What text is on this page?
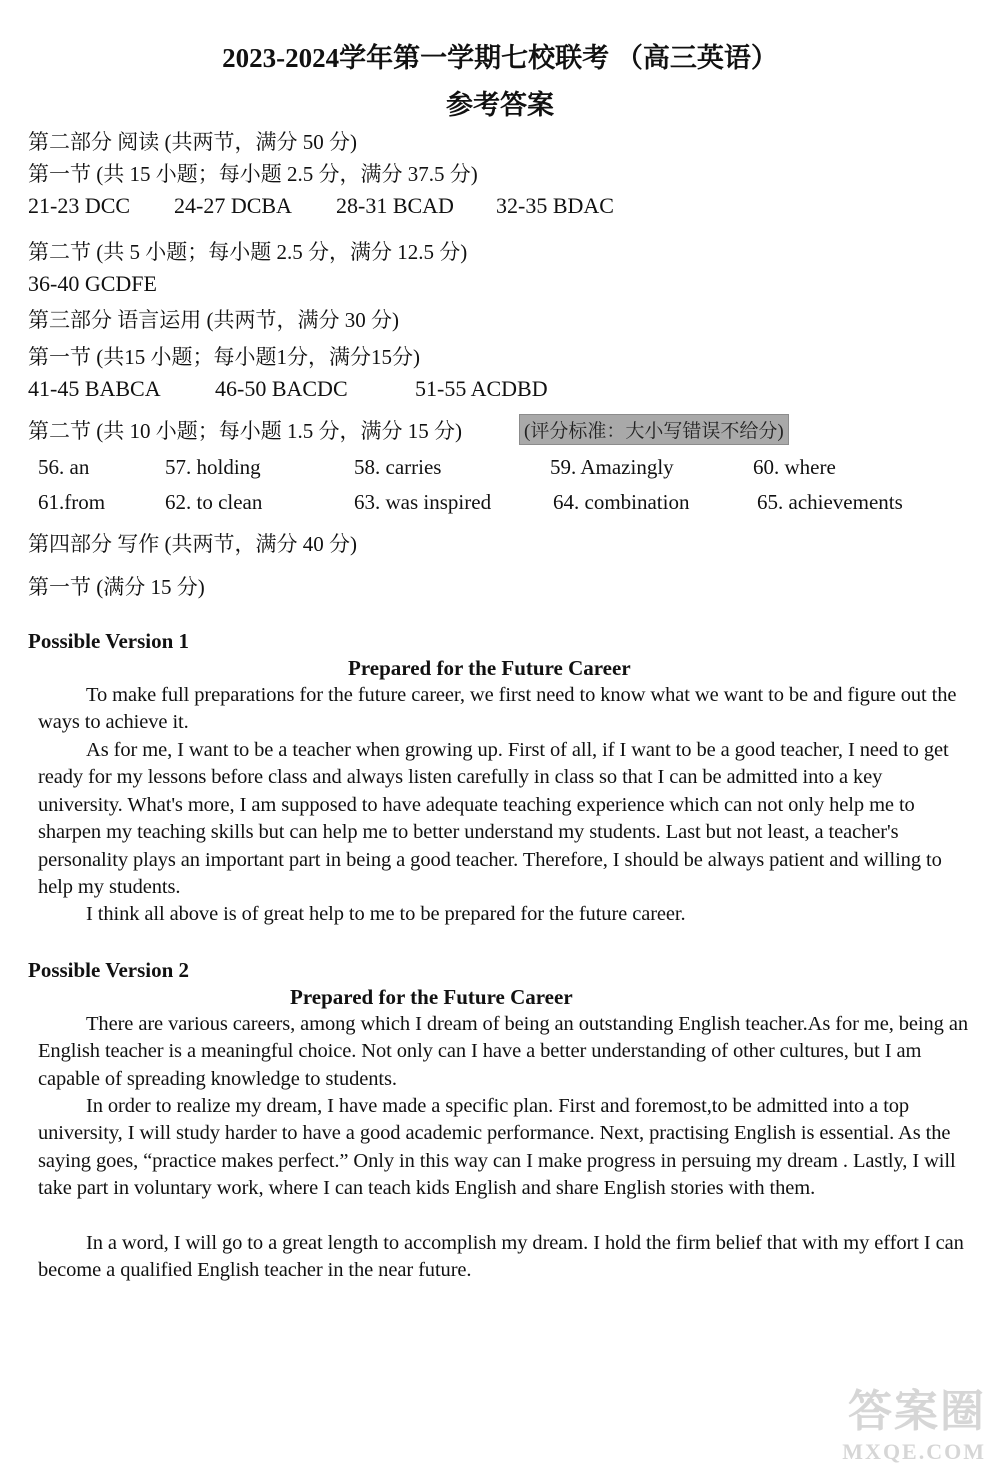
2023-2024学年第一学期七校联考 （高三英语）
参考答案
第二部分 阅读 (共两节，满分 50 分)
第一节 (共 15 小题；每小题 2.5 分，满分 37.5 分)
21-23 DCC 24-27 DCBA 28-31 BCAD 32-35 BDAC
第二节 (共 5 小题；每小题 2.5 分，满分 12.5 分)
36-40 GCDFE
第三部分 语言运用 (共两节，满分 30 分)
第一节 (共15 小题；每小题1分，满分15分)
41-45 BABCA 46-50 BACDC	51-55 ACDBD
第二节 (共 10 小题；每小题 1.5 分，满分 15 分)	(评分标准：大小写错误不给分)
56. an	57. holding	58. carries	59. Amazingly	60. where
61.from	62. to clean	63. was inspired	64. combination	65. achievements
第四部分 写作 (共两节，满分 40 分)
第一节 (满分 15 分)
Possible Version 1
Prepared for the Future Career
To make full preparations for the future career, we first need to know what we want to be and figure out the ways to achieve it.
As for me, I want to be a teacher when growing up. First of all, if I want to be a good teacher, I need to get ready for my lessons before class and always listen carefully in class so that I can be admitted into a key university. What's more, I am supposed to have adequate teaching experience which can not only help me to sharpen my teaching skills but can help me to better understand my students. Last but not least, a teacher's personality plays an important part in being a good teacher. Therefore, I should be always patient and willing to help my students.
I think all above is of great help to me to be prepared for the future career.
Possible Version 2
Prepared for the Future Career
There are various careers, among which I dream of being an outstanding English teacher.As for me, being an English teacher is a meaningful choice. Not only can I have a better understanding of other cultures, but I am capable of spreading knowledge to students.
In order to realize my dream, I have made a specific plan. First and foremost,to be admitted into a top university, I will study harder to have a good academic performance. Next, practising English is essential. As the saying goes, “practice makes perfect.” Only in this way can I make progress in persuing my dream . Lastly, I will take part in voluntary work, where I can teach kids English and share English stories with them.
In a word, I will go to a great length to accomplish my dream. I hold the firm belief that with my effort I can become a qualified English teacher in the near future.
答案圈
MXQE.COM
